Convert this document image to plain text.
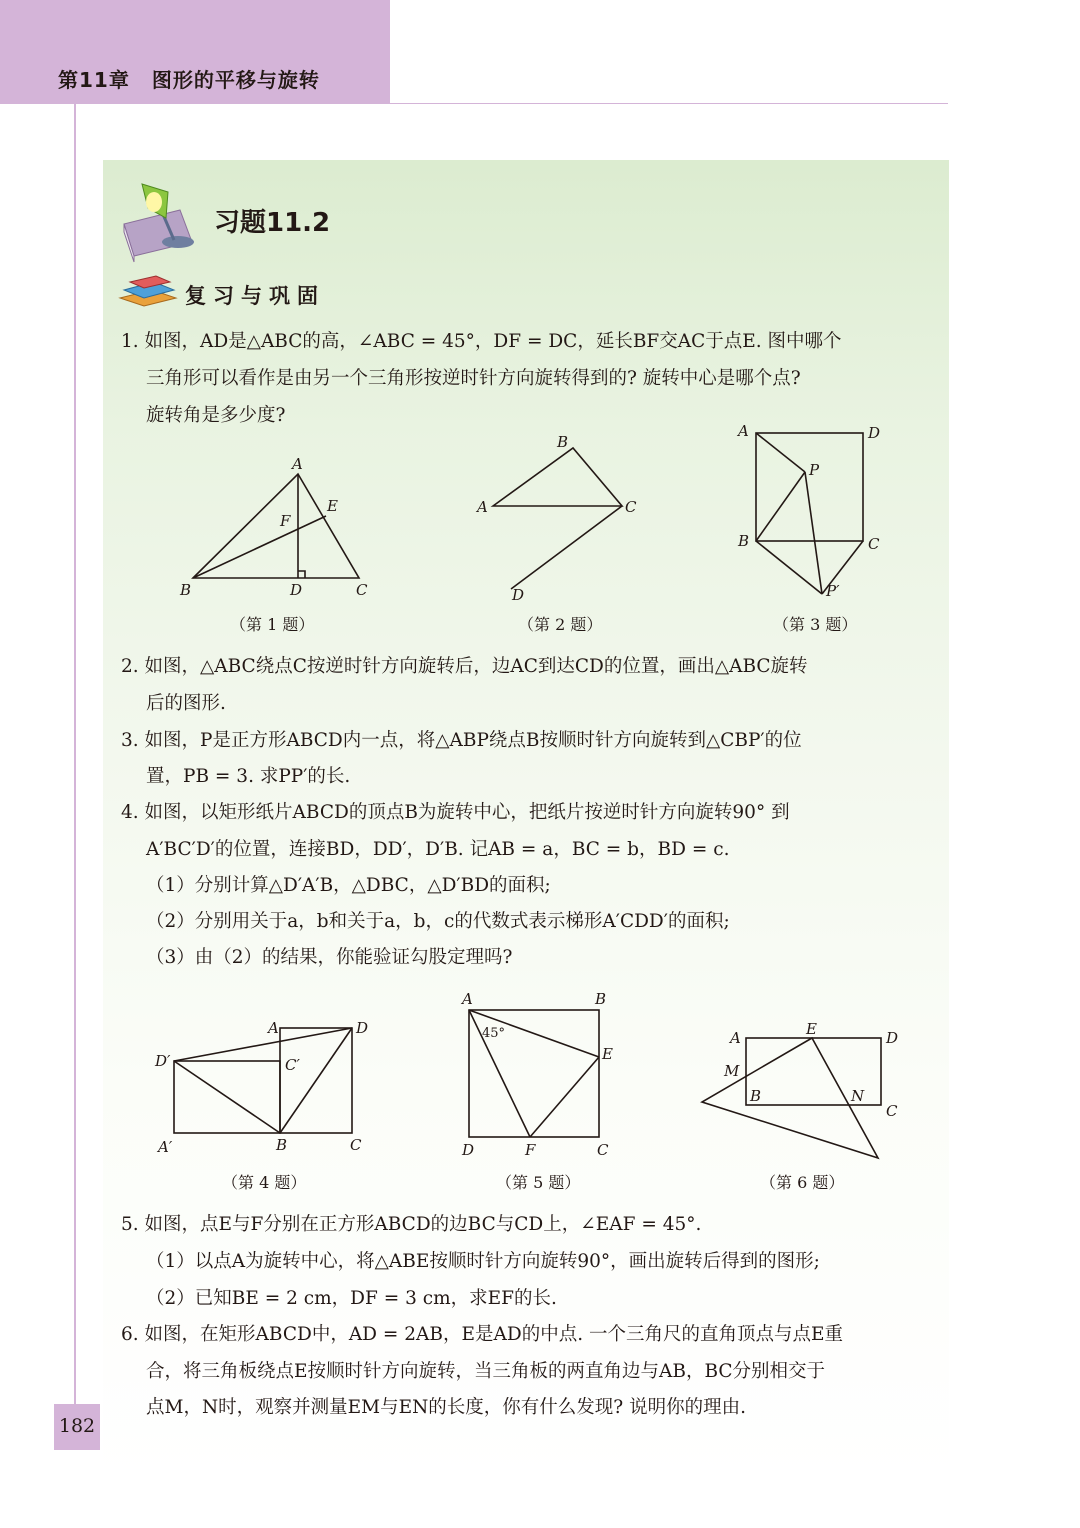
第11章 图形的平移与旋转
习题11.2
复习与巩固
1. 如图，AD是△ABC的高，∠ABC = 45°，DF = DC，延长BF交AC于点E. 图中哪个
三角形可以看作是由另一个三角形按逆时针方向旋转得到的? 旋转中心是哪个点?
旋转角是多少度?
A
B	C
D
E
F
（第 1 题）
A
B
C
D
（第 2 题）
A	D
B	C
P
P′
（第 3 题）
2. 如图，△ABC绕点C按逆时针方向旋转后，边AC到达CD的位置，画出△ABC旋转
后的图形.
3. 如图，P是正方形ABCD内一点，将△ABP绕点B按顺时针方向旋转到△CBP′的位
置，PB = 3. 求PP′的长.
4. 如图，以矩形纸片ABCD的顶点B为旋转中心，把纸片按逆时针方向旋转90° 到
A′BC′D′的位置，连接BD，DD′，D′B. 记AB = a，BC = b，BD = c.
（1）分别计算△D′A′B，△DBC，△D′BD的面积;
（2）分别用关于a，b和关于a，b，c的代数式表示梯形A′CDD′的面积;
（3）由（2）的结果，你能验证勾股定理吗?
A	D
D′	C′
A′	B	C
（第 4 题）
A	B
D	C
E
F
45°
（第 5 题）
A	E	D
M
B	N
C
（第 6 题）
5. 如图，点E与F分别在正方形ABCD的边BC与CD上，∠EAF = 45°.
（1）以点A为旋转中心，将△ABE按顺时针方向旋转90°，画出旋转后得到的图形;
（2）已知BE = 2 cm，DF = 3 cm，求EF的长.
6. 如图，在矩形ABCD中，AD = 2AB，E是AD的中点. 一个三角尺的直角顶点与点E重
合，将三角板绕点E按顺时针方向旋转，当三角板的两直角边与AB，BC分别相交于
点M，N时，观察并测量EM与EN的长度，你有什么发现? 说明你的理由.
182
